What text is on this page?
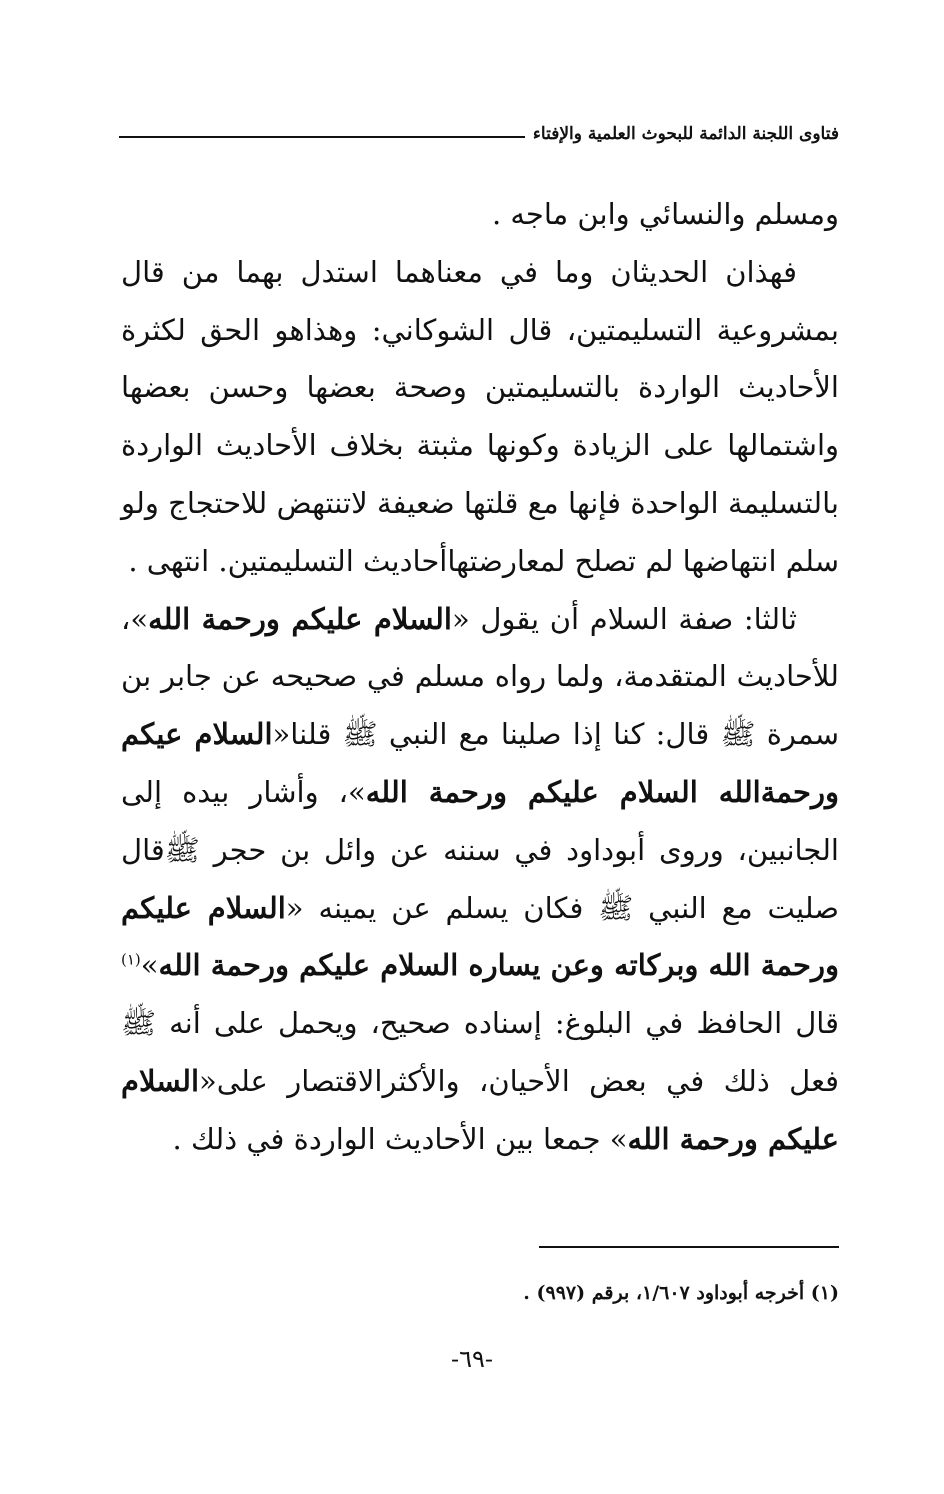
فتاوى اللجنة الدائمة للبحوث العلمية والإفتاء

ومسلم والنسائي وابن ماجه .

فهذان الحديثان وما في معناهما استدل بهما من قال بمشروعية التسليمتين، قال الشوكاني: وهذاهو الحق لكثرة الأحاديث الواردة بالتسليمتين وصحة بعضها وحسن بعضها واشتمالها على الزيادة وكونها مثبتة بخلاف الأحاديث الواردة بالتسليمة الواحدة فإنها مع قلتها ضعيفة لاتنتهض للاحتجاج ولو سلم انتهاضها لم تصلح لمعارضتهاأحاديث التسليمتين. انتهى .

ثالثا: صفة السلام أن يقول «السلام عليكم ورحمة الله»، للأحاديث المتقدمة، ولما رواه مسلم في صحيحه عن جابر بن سمرة ﷺ قال: كنا إذا صلينا مع النبي ﷺ قلنا«السلام عيكم ورحمةالله السلام عليكم ورحمة الله»، وأشار بيده إلى الجانبين، وروى أبوداود في سننه عن وائل بن حجر ﷺقال صليت مع النبي ﷺ فكان يسلم عن يمينه «السلام عليكم ورحمة الله وبركاته وعن يساره السلام عليكم ورحمة الله»$^{(١)}$ قال الحافظ في البلوغ: إسناده صحيح، ويحمل على أنه ﷺ فعل ذلك في بعض الأحيان، والأكثرالاقتصار على«السلام عليكم ورحمة الله» جمعا بين الأحاديث الواردة في ذلك .

(١) أخرجه أبوداود ١/٦٠٧، برقم (٩٩٧) .
-٦٩-
